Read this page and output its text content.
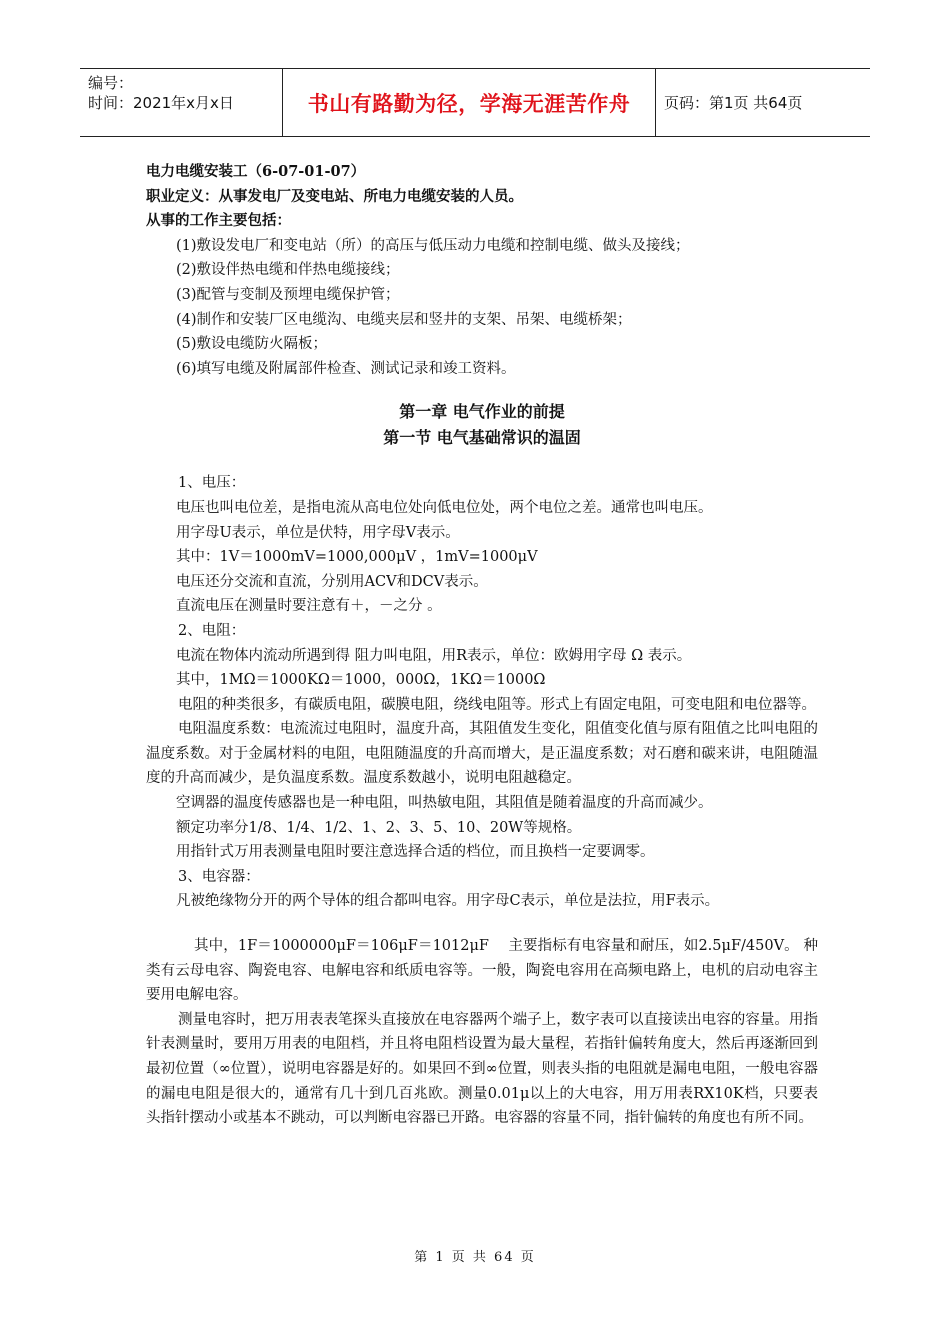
编号：
时间：2021年x月x日	书山有路勤为径，学海无涯苦作舟	页码：第1页 共64页
电力电缆安装工（6-07-01-07）
职业定义：从事发电厂及变电站、所电力电缆安装的人员。
从事的工作主要包括：
(1)敷设发电厂和变电站（所）的高压与低压动力电缆和控制电缆、做头及接线；
(2)敷设伴热电缆和伴热电缆接线；
(3)配管与变制及预埋电缆保护管；
(4)制作和安装厂区电缆沟、电缆夹层和竖井的支架、吊架、电缆桥架；
(5)敷设电缆防火隔板；
(6)填写电缆及附属部件检查、测试记录和竣工资料。
第一章 电气作业的前提
第一节 电气基础常识的温固
1、电压：
电压也叫电位差，是指电流从高电位处向低电位处，两个电位之差。通常也叫电压。
用字母U表示，单位是伏特，用字母V表示。
其中：1V＝1000mV=1000,000μV ，1mV=1000μV
电压还分交流和直流，分别用ACV和DCV表示。
直流电压在测量时要注意有＋，－之分 。
2、电阻：
电流在物体内流动所遇到得 阻力叫电阻，用R表示，单位：欧姆用字母 Ω 表示。
其中，1MΩ＝1000KΩ＝1000，000Ω，1KΩ＝1000Ω
电阻的种类很多，有碳质电阻，碳膜电阻，绕线电阻等。形式上有固定电阻，可变电阻和电位器等。
电阻温度系数：电流流过电阻时，温度升高，其阻值发生变化，阻值变化值与原有阻值之比叫电阻的温度系数。对于金属材料的电阻，电阻随温度的升高而增大，是正温度系数；对石磨和碳来讲，电阻随温度的升高而减少，是负温度系数。温度系数越小，说明电阻越稳定。
空调器的温度传感器也是一种电阻，叫热敏电阻，其阻值是随着温度的升高而减少。
额定功率分1/8、1/4、1/2、1、2、3、5、10、20W等规格。
用指针式万用表测量电阻时要注意选择合适的档位，而且换档一定要调零。
3、电容器：
凡被绝缘物分开的两个导体的组合都叫电容。用字母C表示，单位是法拉，用F表示。
其中，1F＝1000000μF＝106μF＝1012μF　 主要指标有电容量和耐压，如2.5μF/450V。 种类有云母电容、陶瓷电容、电解电容和纸质电容等。一般，陶瓷电容用在高频电路上，电机的启动电容主要用电解电容。
测量电容时，把万用表表笔探头直接放在电容器两个端子上，数字表可以直接读出电容的容量。用指针表测量时，要用万用表的电阻档，并且将电阻档设置为最大量程，若指针偏转角度大，然后再逐渐回到最初位置（∞位置），说明电容器是好的。如果回不到∞位置，则表头指的电阻就是漏电电阻，一般电容器的漏电电阻是很大的，通常有几十到几百兆欧。测量0.01μ以上的大电容，用万用表RX10K档，只要表头指针摆动小或基本不跳动，可以判断电容器已开路。电容器的容量不同，指针偏转的角度也有所不同。
第 1 页 共 64 页
